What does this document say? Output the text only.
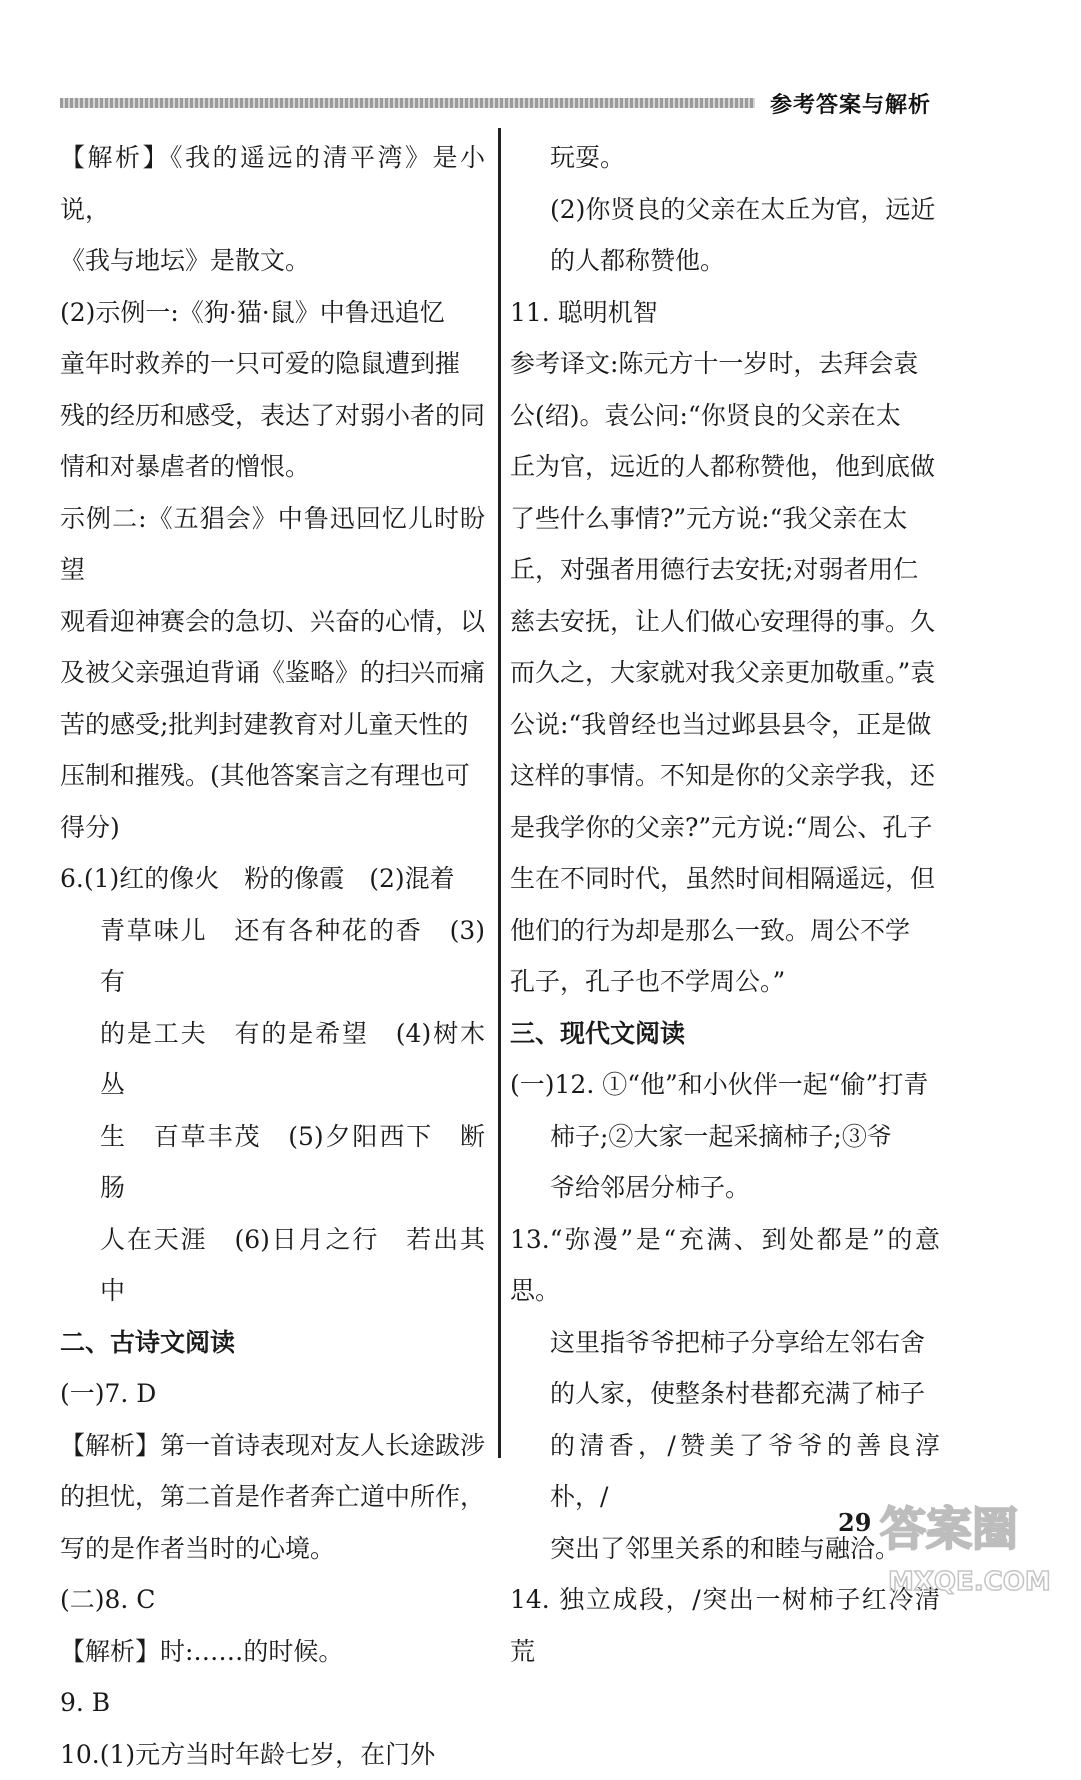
参考答案与解析

【解析】《我的遥远的清平湾》是小说，

《我与地坛》是散文。

(2)示例一:《狗·猫·鼠》中鲁迅追忆

童年时救养的一只可爱的隐鼠遭到摧

残的经历和感受，表达了对弱小者的同

情和对暴虐者的憎恨。

示例二:《五猖会》中鲁迅回忆儿时盼望

观看迎神赛会的急切、兴奋的心情，以

及被父亲强迫背诵《鉴略》的扫兴而痛

苦的感受;批判封建教育对儿童天性的

压制和摧残。(其他答案言之有理也可

得分)

6.(1)红的像火　粉的像霞　(2)混着

青草味儿　还有各种花的香　(3)有

的是工夫　有的是希望　(4)树木丛

生　百草丰茂　(5)夕阳西下　断肠

人在天涯　(6)日月之行　若出其中

二、古诗文阅读

(一)7. D

【解析】第一首诗表现对友人长途跋涉

的担忧，第二首是作者奔亡道中所作，

写的是作者当时的心境。

(二)8. C

【解析】时:……的时候。

9. B

10.(1)元方当时年龄七岁，在门外

玩耍。

(2)你贤良的父亲在太丘为官，远近

的人都称赞他。

11. 聪明机智

参考译文:陈元方十一岁时，去拜会袁

公(绍)。袁公问:“你贤良的父亲在太

丘为官，远近的人都称赞他，他到底做

了些什么事情?”元方说:“我父亲在太

丘，对强者用德行去安抚;对弱者用仁

慈去安抚，让人们做心安理得的事。久

而久之，大家就对我父亲更加敬重。”袁

公说:“我曾经也当过邺县县令，正是做

这样的事情。不知是你的父亲学我，还

是我学你的父亲?”元方说:“周公、孔子

生在不同时代，虽然时间相隔遥远，但

他们的行为却是那么一致。周公不学

孔子，孔子也不学周公。”

三、现代文阅读

(一)12. ①“他”和小伙伴一起“偷”打青

柿子;②大家一起采摘柿子;③爷

爷给邻居分柿子。

13.“弥漫”是“充满、到处都是”的意思。

这里指爷爷把柿子分享给左邻右舍

的人家，使整条村巷都充满了柿子

的清香，/赞美了爷爷的善良淳朴，/

突出了邻里关系的和睦与融洽。

14. 独立成段，/突出一树柿子红冷清荒

29 答案圈
MXQE.COM
